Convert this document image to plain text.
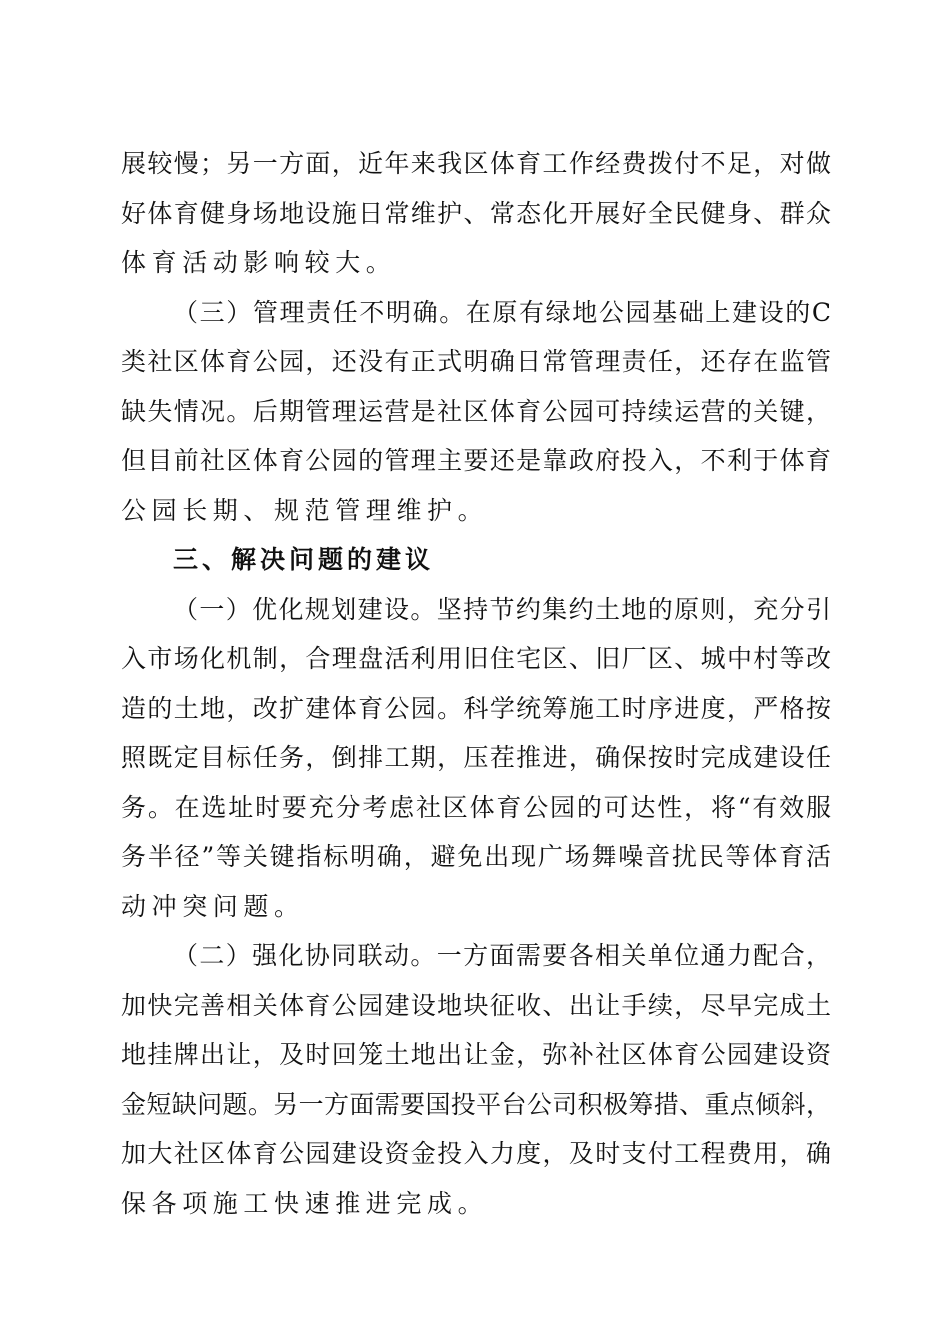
展较慢；另一方面，近年来我区体育工作经费拨付不足，对做
好体育健身场地设施日常维护、常态化开展好全民健身、群众
体育活动影响较大。
（三）管理责任不明确。在原有绿地公园基础上建设的C
类社区体育公园，还没有正式明确日常管理责任，还存在监管
缺失情况。后期管理运营是社区体育公园可持续运营的关键，
但目前社区体育公园的管理主要还是靠政府投入，不利于体育
公园长期、规范管理维护。
三、解决问题的建议
（一）优化规划建设。坚持节约集约土地的原则，充分引
入市场化机制，合理盘活利用旧住宅区、旧厂区、城中村等改
造的土地，改扩建体育公园。科学统筹施工时序进度，严格按
照既定目标任务，倒排工期，压茬推进，确保按时完成建设任
务。在选址时要充分考虑社区体育公园的可达性，将“有效服
务半径”等关键指标明确，避免出现广场舞噪音扰民等体育活
动冲突问题。
（二）强化协同联动。一方面需要各相关单位通力配合，
加快完善相关体育公园建设地块征收、出让手续，尽早完成土
地挂牌出让，及时回笼土地出让金，弥补社区体育公园建设资
金短缺问题。另一方面需要国投平台公司积极筹措、重点倾斜，
加大社区体育公园建设资金投入力度，及时支付工程费用，确
保各项施工快速推进完成。
